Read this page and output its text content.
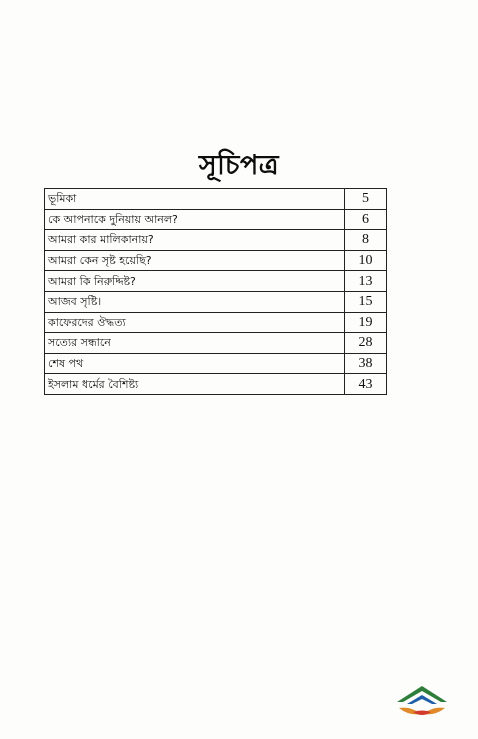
সূচিপত্র
ভূমিকা	5
কে আপনাকে দুনিয়ায় আনল?	6
আমরা কার মালিকানায়?	8
আমরা কেন সৃষ্ট হয়েছি?	10
আমরা কি নিরুদ্দিষ্ট?	13
আজব সৃষ্টি।	15
কাফেরদের ঔদ্ধত্য	19
সত্যের সন্ধানে	28
শেষ পথ	38
ইসলাম ধর্মের বৈশিষ্ট্য	43
